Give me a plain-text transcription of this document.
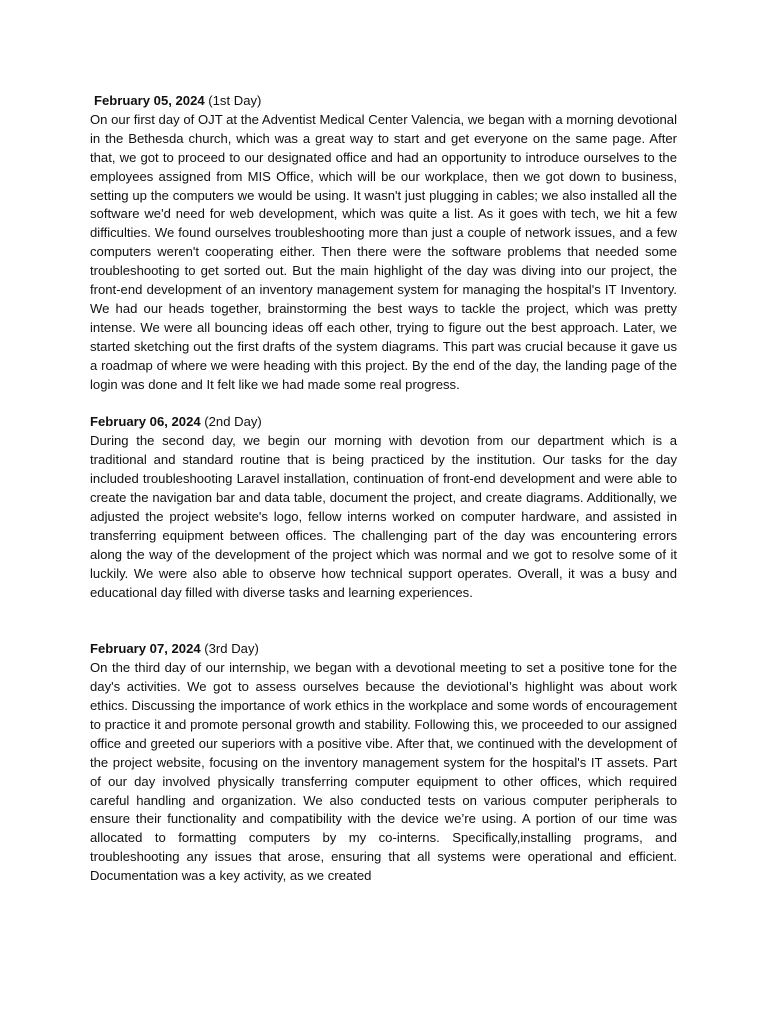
February 05, 2024 (1st Day)

On our first day of OJT at the Adventist Medical Center Valencia, we began with a morning devotional in the Bethesda church, which was a great way to start and get everyone on the same page. After that, we got to proceed to our designated office and had an opportunity to introduce ourselves to the employees assigned from MIS Office, which will be our workplace, then we got down to business, setting up the computers we would be using. It wasn't just plugging in cables; we also installed all the software we'd need for web development, which was quite a list. As it goes with tech, we hit a few difficulties. We found ourselves troubleshooting more than just a couple of network issues, and a few computers weren't cooperating either. Then there were the software problems that needed some troubleshooting to get sorted out. But the main highlight of the day was diving into our project, the front-end development of an inventory management system for managing the hospital's IT Inventory. We had our heads together, brainstorming the best ways to tackle the project, which was pretty intense. We were all bouncing ideas off each other, trying to figure out the best approach. Later, we started sketching out the first drafts of the system diagrams. This part was crucial because it gave us a roadmap of where we were heading with this project. By the end of the day, the landing page of the login was done and It felt like we had made some real progress.

February 06, 2024 (2nd Day)

During the second day, we begin our morning with devotion from our department which is a traditional and standard routine that is being practiced by the institution. Our tasks for the day included troubleshooting Laravel installation, continuation of front-end development and were able to create the navigation bar and data table, document the project, and create diagrams. Additionally, we adjusted the project website's logo, fellow interns worked on computer hardware, and assisted in transferring equipment between offices. The challenging part of the day was encountering errors along the way of the development of the project which was normal and we got to resolve some of it luckily. We were also able to observe how technical support operates. Overall, it was a busy and educational day filled with diverse tasks and learning experiences.

February 07, 2024 (3rd Day)

On the third day of our internship, we began with a devotional meeting to set a positive tone for the day's activities. We got to assess ourselves because the deviotional’s highlight was about work ethics. Discussing the importance of work ethics in the workplace and some words of encouragement to practice it and promote personal growth and stability. Following this, we proceeded to our assigned office and greeted our superiors with a positive vibe. After that, we continued with the development of the project website, focusing on the inventory management system for the hospital's IT assets. Part of our day involved physically transferring computer equipment to other offices, which required careful handling and organization. We also conducted tests on various computer peripherals to ensure their functionality and compatibility with the device we’re using. A portion of our time was allocated to formatting computers by my co-interns. Specifically,installing programs, and troubleshooting any issues that arose, ensuring that all systems were operational and efficient. Documentation was a key activity, as we created
